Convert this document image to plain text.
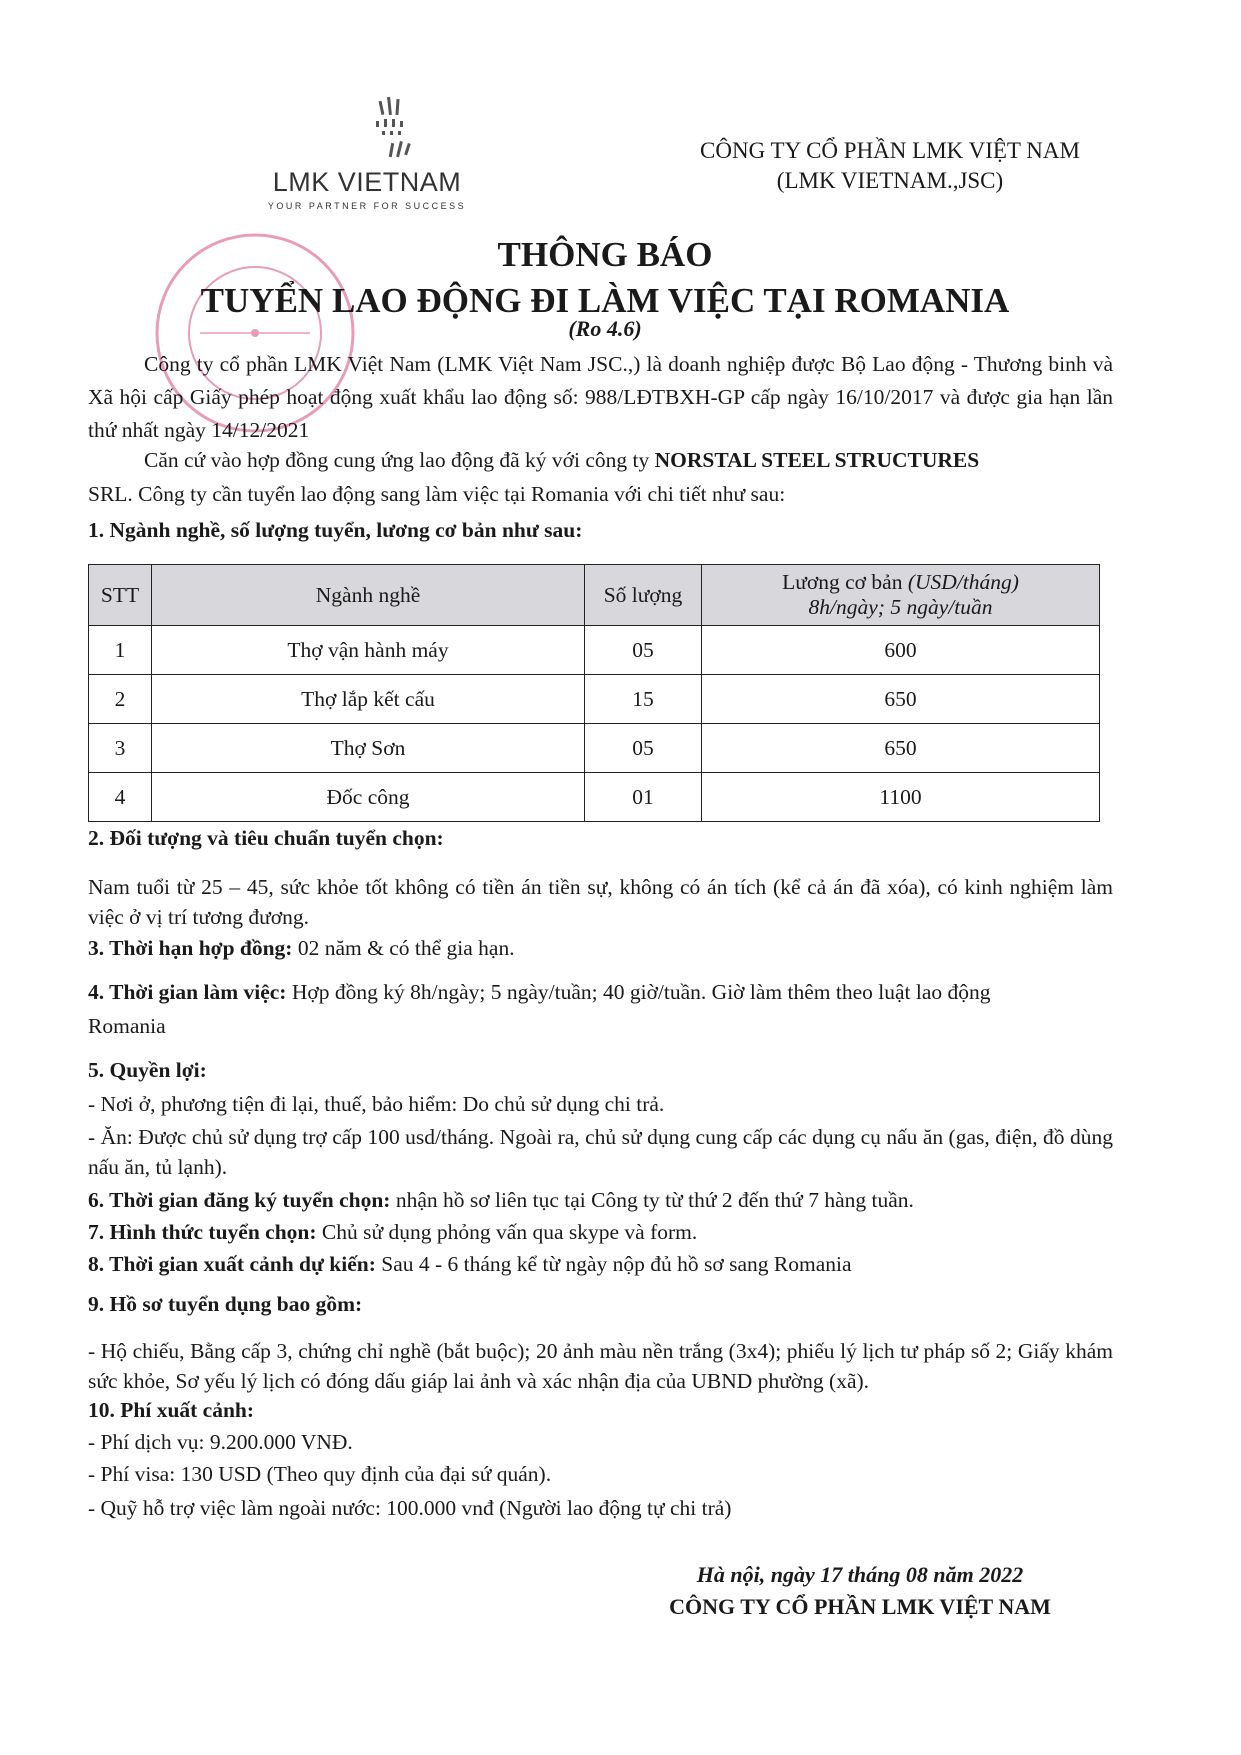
LMK VIETNAM
YOUR PARTNER FOR SUCCESS
CÔNG TY CỔ PHẦN LMK VIỆT NAM
(LMK VIETNAM.,JSC)
THÔNG BÁO
TUYỂN LAO ĐỘNG ĐI LÀM VIỆC TẠI ROMANIA
(Ro 4.6)
Công ty cổ phần LMK Việt Nam (LMK Việt Nam JSC.,) là doanh nghiệp được Bộ Lao động - Thương binh và Xã hội cấp Giấy phép hoạt động xuất khẩu lao động số: 988/LĐTBXH-GP cấp ngày 16/10/2017 và được gia hạn lần thứ nhất ngày 14/12/2021
Căn cứ vào hợp đồng cung ứng lao động đã ký với công ty NORSTAL STEEL STRUCTURES
SRL. Công ty cần tuyển lao động sang làm việc tại Romania với chi tiết như sau:
1. Ngành nghề, số lượng tuyển, lương cơ bản như sau:
STT	Ngành nghề	Số lượng	Lương cơ bản (USD/tháng)
8h/ngày; 5 ngày/tuần

1	Thợ vận hành máy	05	600
2	Thợ lắp kết cấu	15	650
3	Thợ Sơn	05	650
4	Đốc công	01	1100
2. Đối tượng và tiêu chuẩn tuyển chọn:
Nam tuổi từ 25 – 45, sức khỏe tốt không có tiền án tiền sự, không có án tích (kể cả án đã xóa), có kinh nghiệm làm việc ở vị trí tương đương.
3. Thời hạn hợp đồng: 02 năm & có thể gia hạn.
4. Thời gian làm việc: Hợp đồng ký 8h/ngày; 5 ngày/tuần; 40 giờ/tuần. Giờ làm thêm theo luật lao động
Romania
5. Quyền lợi:
- Nơi ở, phương tiện đi lại, thuế, bảo hiểm: Do chủ sử dụng chi trả.
- Ăn: Được chủ sử dụng trợ cấp 100 usd/tháng. Ngoài ra, chủ sử dụng cung cấp các dụng cụ nấu ăn (gas, điện, đồ dùng nấu ăn, tủ lạnh).
6. Thời gian đăng ký tuyển chọn: nhận hồ sơ liên tục tại Công ty từ thứ 2 đến thứ 7 hàng tuần.
7. Hình thức tuyển chọn: Chủ sử dụng phỏng vấn qua skype và form.
8. Thời gian xuất cảnh dự kiến: Sau 4 - 6 tháng kể từ ngày nộp đủ hồ sơ sang Romania
9. Hồ sơ tuyển dụng bao gồm:
- Hộ chiếu, Bằng cấp 3, chứng chỉ nghề (bắt buộc); 20 ảnh màu nền trắng (3x4); phiếu lý lịch tư pháp số 2; Giấy khám sức khỏe, Sơ yếu lý lịch có đóng dấu giáp lai ảnh và xác nhận địa của UBND phường (xã).
10. Phí xuất cảnh:
- Phí dịch vụ: 9.200.000 VNĐ.
- Phí visa: 130 USD (Theo quy định của đại sứ quán).
- Quỹ hỗ trợ việc làm ngoài nước: 100.000 vnđ (Người lao động tự chi trả)
Hà nội, ngày 17 tháng 08 năm 2022
CÔNG TY CỔ PHẦN LMK VIỆT NAM
